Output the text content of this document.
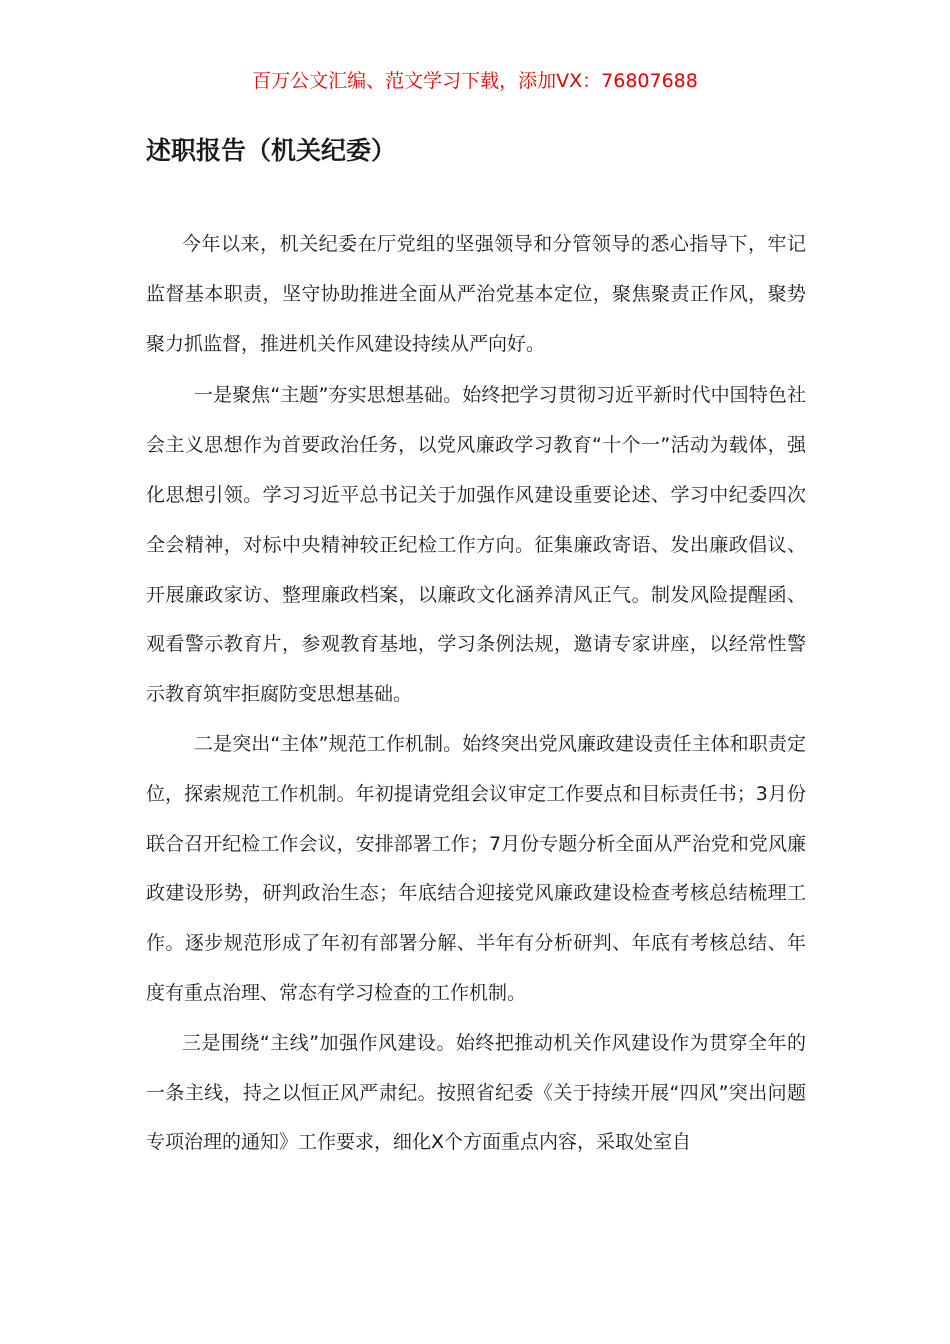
百万公文汇编、范文学习下载，添加VX：76807688

述职报告（机关纪委）

今年以来，机关纪委在厅党组的坚强领导和分管领导的悉心指导下，牢记监督基本职责，坚守协助推进全面从严治党基本定位，聚焦聚责正作风，聚势聚力抓监督，推进机关作风建设持续从严向好。

一是聚焦“主题”夯实思想基础。始终把学习贯彻习近平新时代中国特色社会主义思想作为首要政治任务，以党风廉政学习教育“十个一”活动为载体，强化思想引领。学习习近平总书记关于加强作风建设重要论述、学习中纪委四次全会精神，对标中央精神较正纪检工作方向。征集廉政寄语、发出廉政倡议、开展廉政家访、整理廉政档案，以廉政文化涵养清风正气。制发风险提醒函、观看警示教育片，参观教育基地，学习条例法规，邀请专家讲座，以经常性警示教育筑牢拒腐防变思想基础。

二是突出“主体”规范工作机制。始终突出党风廉政建设责任主体和职责定位，探索规范工作机制。年初提请党组会议审定工作要点和目标责任书；3月份联合召开纪检工作会议，安排部署工作；7月份专题分析全面从严治党和党风廉政建设形势，研判政治生态；年底结合迎接党风廉政建设检查考核总结梳理工作。逐步规范形成了年初有部署分解、半年有分析研判、年底有考核总结、年度有重点治理、常态有学习检查的工作机制。

三是围绕“主线”加强作风建设。始终把推动机关作风建设作为贯穿全年的一条主线，持之以恒正风严肃纪。按照省纪委《关于持续开展“四风”突出问题专项治理的通知》工作要求，细化X个方面重点内容，采取处室自
